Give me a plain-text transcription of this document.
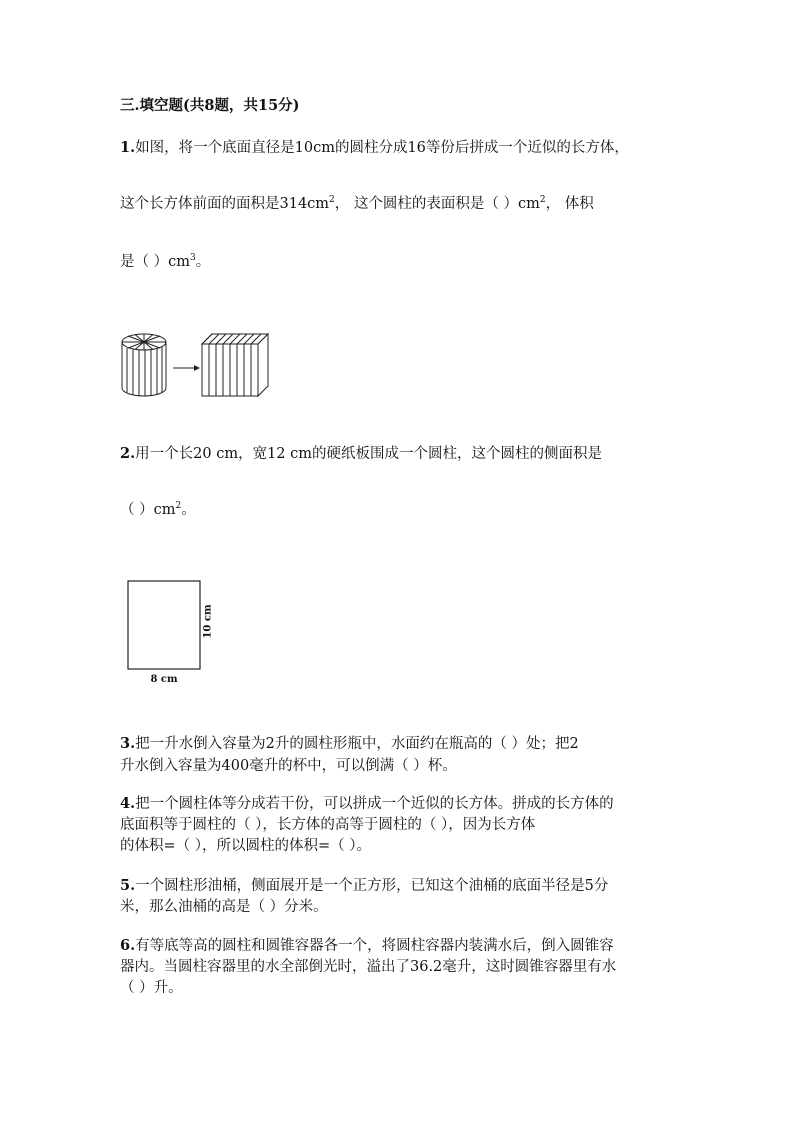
三.填空题(共8题，共15分)
1.如图，将一个底面直径是10cm的圆柱分成16等份后拼成一个近似的长方体，
这个长方体前面的面积是$314cm^2$， 这个圆柱的表面积是（ ）$cm^2$， 体积
是（ ）$cm^3$。
2.用一个长20 cm，宽12 cm的硬纸板围成一个圆柱，这个圆柱的侧面积是
（ ）$cm^2$。
10 cm
8 cm
3.把一升水倒入容量为2升的圆柱形瓶中，水面约在瓶高的（ ）处；把2
升水倒入容量为400毫升的杯中，可以倒满（ ）杯。
4.把一个圆柱体等分成若干份，可以拼成一个近似的长方体。拼成的长方体的
底面积等于圆柱的（ ），长方体的高等于圆柱的（ ），因为长方体
的体积=（ ），所以圆柱的体积=（ ）。
5.一个圆柱形油桶，侧面展开是一个正方形，已知这个油桶的底面半径是5分
米，那么油桶的高是（ ）分米。
6.有等底等高的圆柱和圆锥容器各一个，将圆柱容器内装满水后，倒入圆锥容
器内。当圆柱容器里的水全部倒光时，溢出了36.2毫升，这时圆锥容器里有水
（ ）升。
